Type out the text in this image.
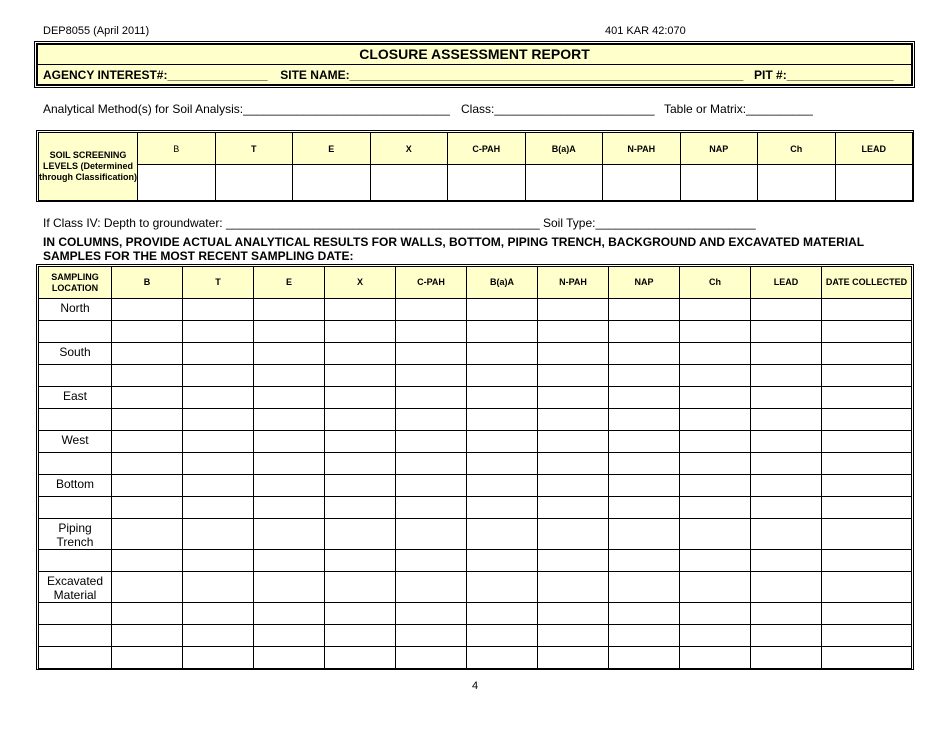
DEP8055 (April 2011)	401 KAR 42:070
CLOSURE ASSESSMENT REPORT
AGENCY INTEREST#:_______________ SITE NAME:___________________________________________________________ PIT #:________________
Analytical Method(s) for Soil Analysis:_______________________________ Class:________________________ Table or Matrix:__________
SOIL SCREENING LEVELS (Determined through Classification)	B	T	E	X	C-PAH	B(a)A	N-PAH	NAP	Ch	LEAD

If Class IV: Depth to groundwater: _______________________________________________ Soil Type:________________________
IN COLUMNS, PROVIDE ACTUAL ANALYTICAL RESULTS FOR WALLS, BOTTOM, PIPING TRENCH, BACKGROUND AND EXCAVATED MATERIAL SAMPLES FOR THE MOST RECENT SAMPLING DATE:
SAMPLING LOCATION	B	T	E	X	C-PAH	B(a)A	N-PAH	NAP	Ch	LEAD	DATE COLLECTED
North											

South											

East											

West											

Bottom											

Piping Trench											

Excavated Material											

4
